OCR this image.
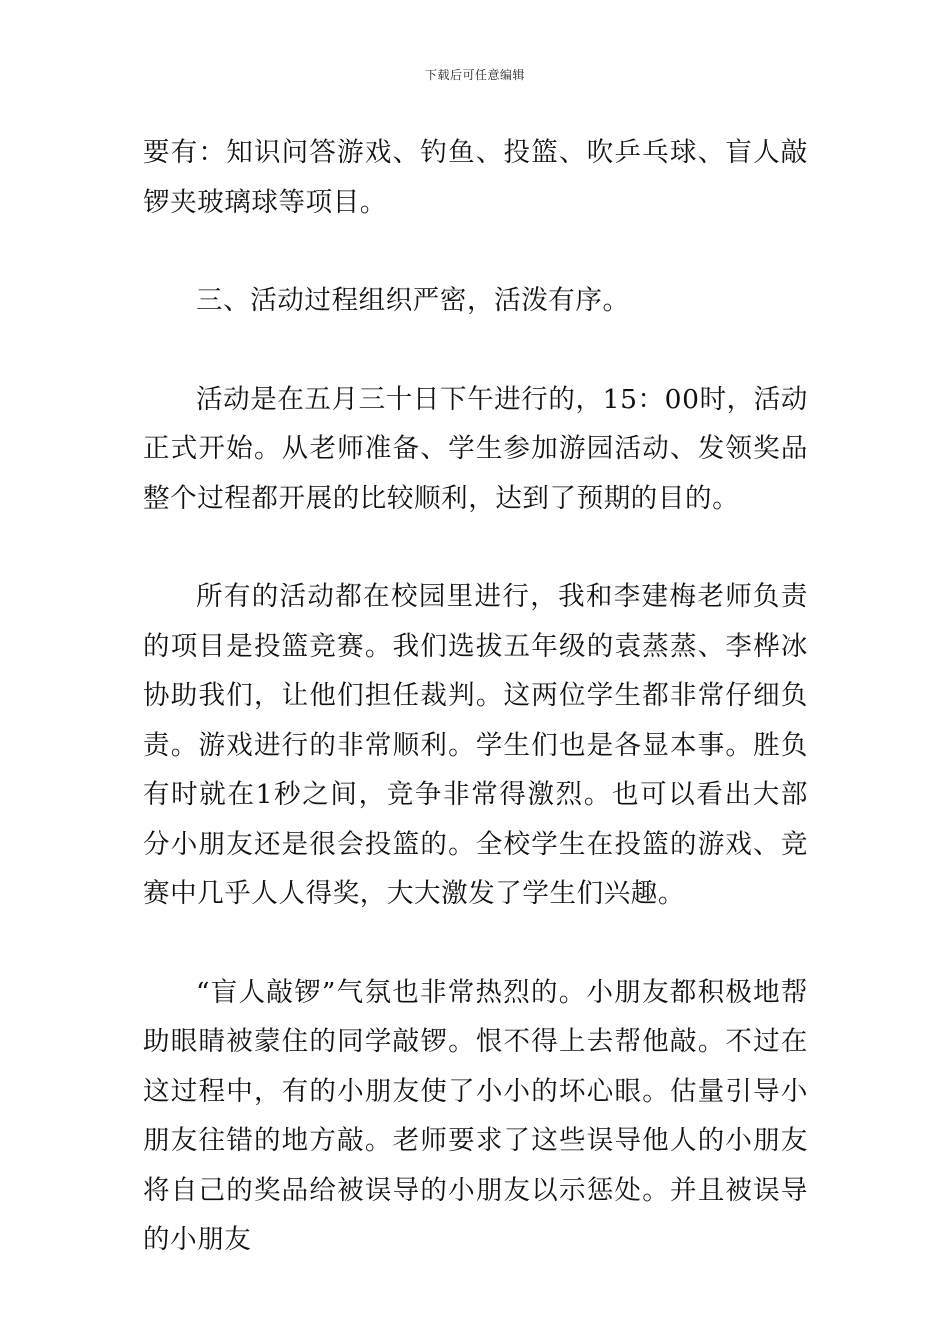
下载后可任意编辑

要有：知识问答游戏、钓鱼、投篮、吹乒乓球、盲人敲锣夹玻璃球等项目。

三、活动过程组织严密，活泼有序。

活动是在五月三十日下午进行的，15：00时，活动正式开始。从老师准备、学生参加游园活动、发领奖品整个过程都开展的比较顺利，达到了预期的目的。

所有的活动都在校园里进行，我和李建梅老师负责的项目是投篮竞赛。我们选拔五年级的袁蒸蒸、李桦冰协助我们，让他们担任裁判。这两位学生都非常仔细负责。游戏进行的非常顺利。学生们也是各显本事。胜负有时就在1秒之间，竞争非常得激烈。也可以看出大部分小朋友还是很会投篮的。全校学生在投篮的游戏、竞赛中几乎人人得奖，大大激发了学生们兴趣。

“盲人敲锣”气氛也非常热烈的。小朋友都积极地帮助眼睛被蒙住的同学敲锣。恨不得上去帮他敲。不过在这过程中，有的小朋友使了小小的坏心眼。估量引导小朋友往错的地方敲。老师要求了这些误导他人的小朋友将自己的奖品给被误导的小朋友以示惩处。并且被误导的小朋友
